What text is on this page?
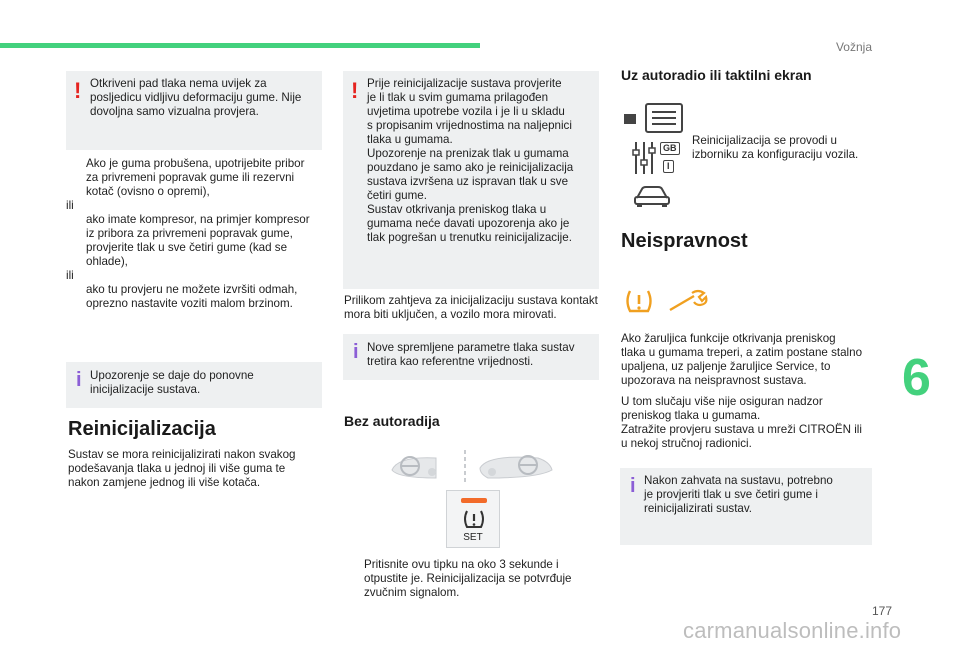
Vožnja
6
! Otkriveni pad tlaka nema uvijek za
posljedicu vidljivu deformaciju gume. Nije
dovoljna samo vizualna provjera.

Ako je guma probušena, upotrijebite pribor
za privremeni popravak gume ili rezervni
kotač (ovisno o opremi),
ili
ako imate kompresor, na primjer kompresor
iz pribora za privremeni popravak gume,
provjerite tlak u sve četiri gume (kad se
ohlade),
ili
ako tu provjeru ne možete izvršiti odmah,
oprezno nastavite voziti malom brzinom.
i Upozorenje se daje do ponovne
inicijalizacije sustava.

Reinicijalizacija
Sustav se mora reinicijalizirati nakon svakog
podešavanja tlaka u jednoj ili više guma te
nakon zamjene jednog ili više kotača.
! Prije reinicijalizacije sustava provjerite
je li tlak u svim gumama prilagođen
uvjetima upotrebe vozila i je li u skladu
s propisanim vrijednostima na naljepnici
tlaka u gumama.
Upozorenje na prenizak tlak u gumama
pouzdano je samo ako je reinicijalizacija
sustava izvršena uz ispravan tlak u sve
četiri gume.
Sustav otkrivanja preniskog tlaka u
gumama neće davati upozorenja ako je
tlak pogrešan u trenutku reinicijalizacije.

Prilikom zahtjeva za inicijalizaciju sustava kontakt
mora biti uključen, a vozilo mora mirovati.
i Nove spremljene parametre tlaka sustav
tretira kao referentne vrijednosti.

Bez autoradija
SET
Pritisnite ovu tipku na oko 3 sekunde i
otpustite je. Reinicijalizacija se potvrđuje
zvučnim signalom.
Uz autoradio ili taktilni ekran
GB
I
Reinicijalizacija se provodi u
izborniku za konfiguraciju vozila.
Neispravnost
Ako žaruljica funkcije otkrivanja preniskog
tlaka u gumama treperi, a zatim postane stalno
upaljena, uz paljenje žaruljice Service, to
upozorava na neispravnost sustava.
U tom slučaju više nije osiguran nadzor
preniskog tlaka u gumama.
Zatražite provjeru sustava u mreži CITROËN ili
u nekoj stručnoj radionici.
i Nakon zahvata na sustavu, potrebno
je provjeriti tlak u sve četiri gume i
reinicijalizirati sustav.

177
carmanualsonline.info
